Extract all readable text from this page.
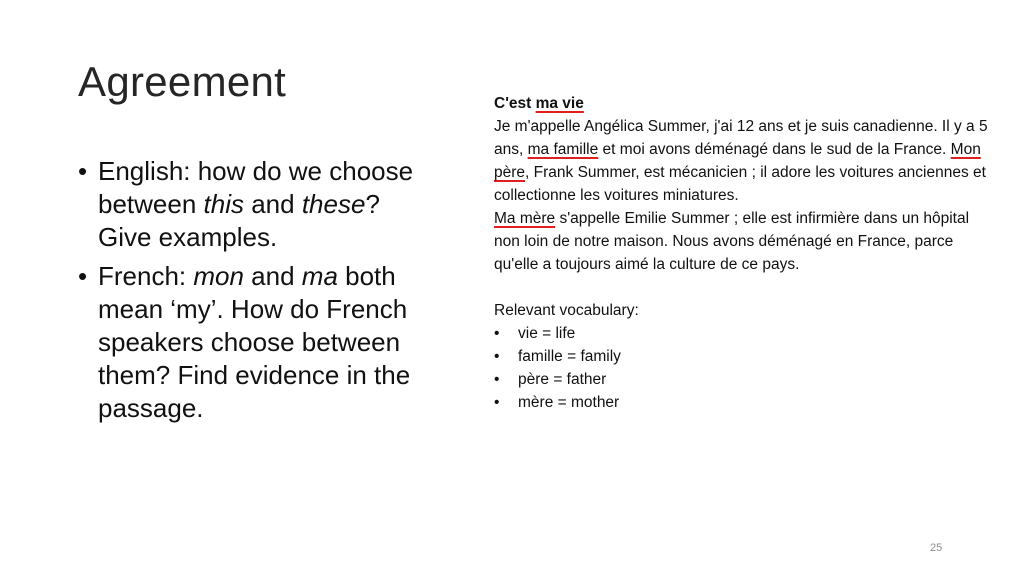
Agreement
• English: how do we choose between this and these? Give examples.
• French: mon and ma both mean ‘my’. How do French speakers choose between them? Find evidence in the passage.

C'est ma vie

Je m'appelle Angélica Summer, j'ai 12 ans et je suis canadienne. Il y a 5 ans, ma famille et moi avons déménagé dans le sud de la France. Mon père, Frank Summer, est mécanicien ; il adore les voitures anciennes et collectionne les voitures miniatures.

Ma mère s'appelle Emilie Summer ; elle est infirmière dans un hôpital non loin de notre maison. Nous avons déménagé en France, parce qu'elle a toujours aimé la culture de ce pays.

Relevant vocabulary:

• vie = life
• famille = family
• père = father
• mère = mother
25
